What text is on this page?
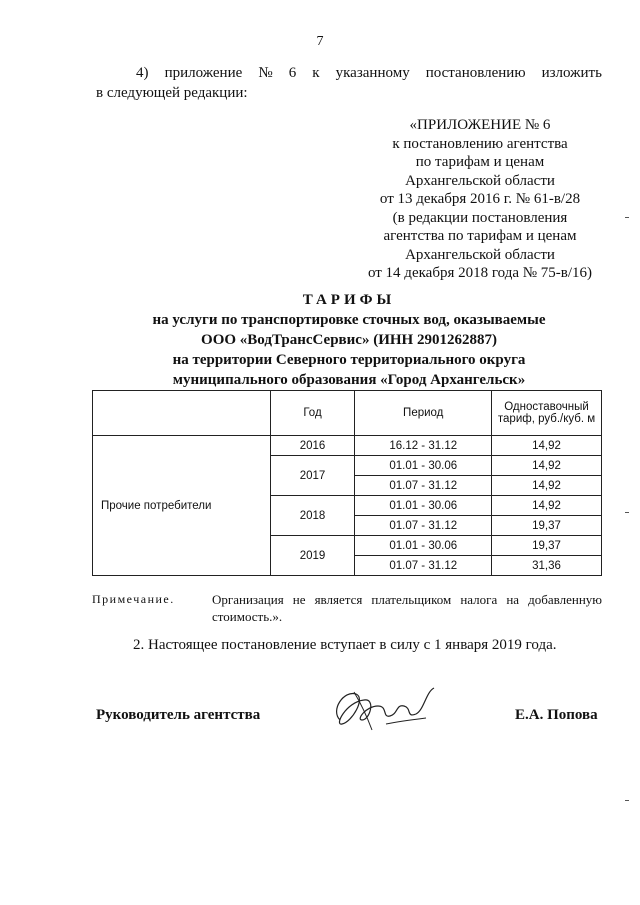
7
4) приложение № 6 к указанному постановлению изложить
в следующей редакции:
«ПРИЛОЖЕНИЕ № 6
к постановлению агентства
по тарифам и ценам
Архангельской области
от 13 декабря 2016 г. № 61-в/28
(в редакции постановления
агентства по тарифам и ценам
Архангельской области
от 14 декабря 2018 года № 75-в/16)
ТАРИФЫ
на услуги по транспортировке сточных вод, оказываемые
ООО «ВодТрансСервис» (ИНН 2901262887)
на территории Северного территориального округа
муниципального образования «Город Архангельск»
	Год	Период	Одноставочный тариф, руб./куб. м
Прочие потребители	2016	16.12 - 31.12	14,92
	2017	01.01 - 30.06	14,92
		01.07 - 31.12	14,92
	2018	01.01 - 30.06	14,92
		01.07 - 31.12	19,37
	2019	01.01 - 30.06	19,37
		01.07 - 31.12	31,36
Примечание.	Организация не является плательщиком налога на добавленную стоимость.».
2. Настоящее постановление вступает в силу с 1 января 2019 года.
Руководитель агентства	Е.А. Попова
